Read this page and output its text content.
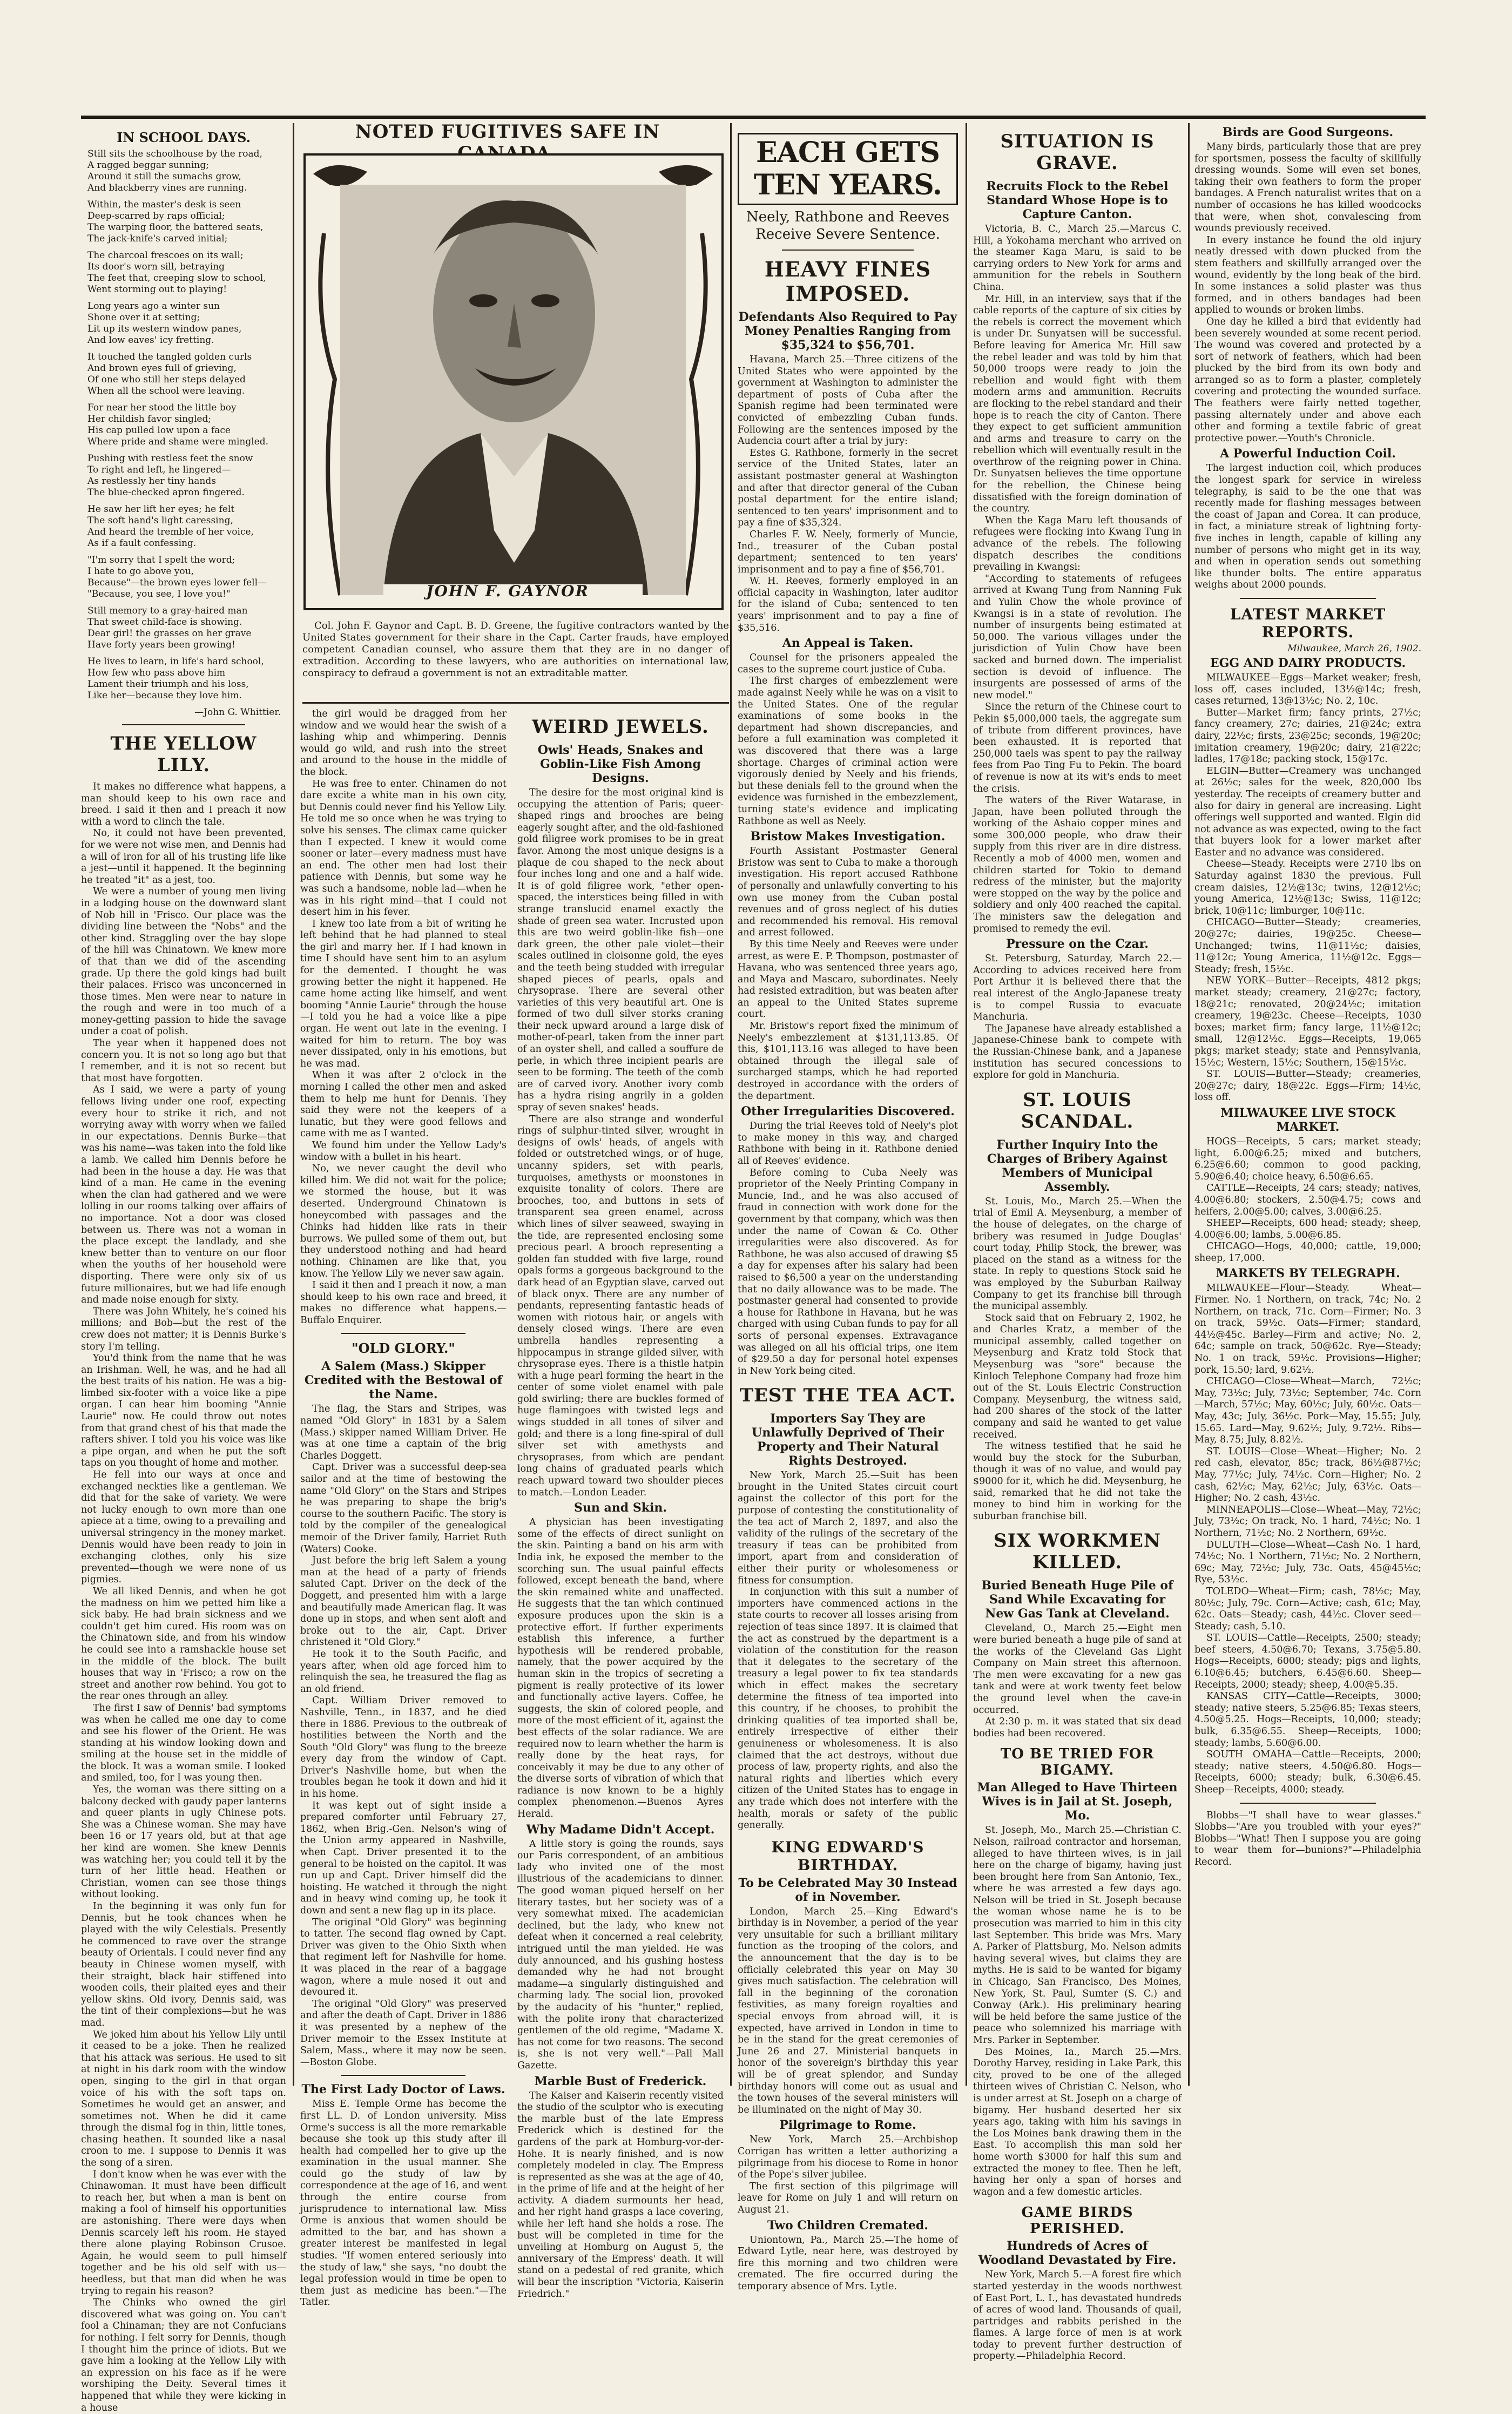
IN SCHOOL DAYS.
Still sits the schoolhouse by the road,
A ragged beggar sunning;
Around it still the sumachs grow,
And blackberry vines are running.
Within, the master's desk is seen
Deep-scarred by raps official;
The warping floor, the battered seats,
The jack-knife's carved initial;
The charcoal frescoes on its wall;
Its door's worn sill, betraying
The feet that, creeping slow to school,
Went storming out to playing!
Long years ago a winter sun
Shone over it at setting;
Lit up its western window panes,
And low eaves' icy fretting.
It touched the tangled golden curls
And brown eyes full of grieving,
Of one who still her steps delayed
When all the school were leaving.
For near her stood the little boy
Her childish favor singled;
His cap pulled low upon a face
Where pride and shame were mingled.
Pushing with restless feet the snow
To right and left, he lingered—
As restlessly her tiny hands
The blue-checked apron fingered.
He saw her lift her eyes; he felt
The soft hand's light caressing,
And heard the tremble of her voice,
As if a fault confessing.
"I'm sorry that I spelt the word;
I hate to go above you,
Because"—the brown eyes lower fell—
"Because, you see, I love you!"
Still memory to a gray-haired man
That sweet child-face is showing.
Dear girl! the grasses on her grave
Have forty years been growing!
He lives to learn, in life's hard school,
How few who pass above him
Lament their triumph and his loss,
Like her—because they love him.
—John G. Whittier.
THE YELLOW LILY.

It makes no difference what happens, a man should keep to his own race and breed. I said it then and I preach it now with a word to clinch the tale.

No, it could not have been prevented, for we were not wise men, and Dennis had a will of iron for all of his trusting life like a jest—until it happened. It the beginning he treated "it" as a jest, too.

We were a number of young men living in a lodging house on the downward slant of Nob hill in 'Frisco. Our place was the dividing line between the "Nobs" and the other kind. Straggling over the bay slope of the hill was Chinatown. We knew more of that than we did of the ascending grade. Up there the gold kings had built their palaces. Frisco was unconcerned in those times. Men were near to nature in the rough and were in too much of a money-getting passion to hide the savage under a coat of polish.

The year when it happened does not concern you. It is not so long ago but that I remember, and it is not so recent but that most have forgotten.

As I said, we were a party of young fellows living under one roof, expecting every hour to strike it rich, and not worrying away with worry when we failed in our expectations. Dennis Burke—that was his name—was taken into the fold like a lamb. We called him Dennis before he had been in the house a day. He was that kind of a man. He came in the evening when the clan had gathered and we were lolling in our rooms talking over affairs of no importance. Not a door was closed between us. There was not a woman in the place except the landlady, and she knew better than to venture on our floor when the youths of her household were disporting. There were only six of us future millionaires, but we had life enough and made noise enough for sixty.

There was John Whitely, he's coined his millions; and Bob—but the rest of the crew does not matter; it is Dennis Burke's story I'm telling.

You'd think from the name that he was an Irishman. Well, he was, and he had all the best traits of his nation. He was a big-limbed six-footer with a voice like a pipe organ. I can hear him booming "Annie Laurie" now. He could throw out notes from that grand chest of his that made the rafters shiver. I told you his voice was like a pipe organ, and when he put the soft taps on you thought of home and mother.

He fell into our ways at once and exchanged neckties like a gentleman. We did that for the sake of variety. We were not lucky enough to own more than one apiece at a time, owing to a prevailing and universal stringency in the money market. Dennis would have been ready to join in exchanging clothes, only his size prevented—though we were none of us pigmies.

We all liked Dennis, and when he got the madness on him we petted him like a sick baby. He had brain sickness and we couldn't get him cured. His room was on the Chinatown side, and from his window he could see into a ramshackle house set in the middle of the block. The built houses that way in 'Frisco; a row on the street and another row behind. You got to the rear ones through an alley.

The first I saw of Dennis' bad symptoms was when he called me one day to come and see his flower of the Orient. He was standing at his window looking down and smiling at the house set in the middle of the block. It was a woman smile. I looked and smiled, too, for I was young then.

Yes, the woman was there sitting on a balcony decked with gaudy paper lanterns and queer plants in ugly Chinese pots. She was a Chinese woman. She may have been 16 or 17 years old, but at that age her kind are women. She knew Dennis was watching her; you could tell it by the turn of her little head. Heathen or Christian, women can see those things without looking.

In the beginning it was only fun for Dennis, but he took chances when he played with the wily Celestials. Presently he commenced to rave over the strange beauty of Orientals. I could never find any beauty in Chinese women myself, with their straight, black hair stiffened into wooden coils, their plaited eyes and their yellow skins. Old ivory, Dennis said, was the tint of their complexions—but he was mad.

We joked him about his Yellow Lily until it ceased to be a joke. Then he realized that his attack was serious. He used to sit at night in his dark room with the window open, singing to the girl in that organ voice of his with the soft taps on. Sometimes he would get an answer, and sometimes not. When he did it came through the dismal fog in thin, little tones, chasing heathen. It sounded like a nasal croon to me. I suppose to Dennis it was the song of a siren.

I don't know when he was ever with the Chinawoman. It must have been difficult to reach her, but when a man is bent on making a fool of himself his opportunities are astonishing. There were days when Dennis scarcely left his room. He stayed there alone playing Robinson Crusoe. Again, he would seem to pull himself together and be his old self with us—heedless, but that man did when he was trying to regain his reason?

The Chinks who owned the girl discovered what was going on. You can't fool a Chinaman; they are not Confucians for nothing. I felt sorry for Dennis, though I thought him the prince of idiots. But we gave him a looking at the Yellow Lily with an expression on his face as if he were worshiping the Deity. Several times it happened that while they were kicking in a house

NOTED FUGITIVES SAFE IN
JOHN F. GAYNOR
Col. John F. Gaynor and Capt. B. D. Greene, the fugitive contractors wanted by the United States government for their share in the Capt. Carter frauds, have employed competent Canadian counsel, who assure them that they are in no danger of extradition. According to these lawyers, who are authorities on international law, conspiracy to defraud a government is not an extraditable matter.

the girl would be dragged from her window and we would hear the swish of a lashing whip and whimpering. Dennis would go wild, and rush into the street and around to the house in the middle of the block.

He was free to enter. Chinamen do not dare excite a white man in his own city, but Dennis could never find his Yellow Lily. He told me so once when he was trying to solve his senses. The climax came quicker than I expected. I knew it would come sooner or later—every madness must have an end. The other men had lost their patience with Dennis, but some way he was such a handsome, noble lad—when he was in his right mind—that I could not desert him in his fever.

I knew too late from a bit of writing he left behind that he had planned to steal the girl and marry her. If I had known in time I should have sent him to an asylum for the demented. I thought he was growing better the night it happened. He came home acting like himself, and went booming "Annie Laurie" through the house—I told you he had a voice like a pipe organ. He went out late in the evening. I waited for him to return. The boy was never dissipated, only in his emotions, but he was mad.

When it was after 2 o'clock in the morning I called the other men and asked them to help me hunt for Dennis. They said they were not the keepers of a lunatic, but they were good fellows and came with me as I wanted.

We found him under the Yellow Lady's window with a bullet in his heart.

No, we never caught the devil who killed him. We did not wait for the police; we stormed the house, but it was deserted. Underground Chinatown is honeycombed with passages and the Chinks had hidden like rats in their burrows. We pulled some of them out, but they understood nothing and had heard nothing. Chinamen are like that, you know. The Yellow Lily we never saw again.

I said it then and I preach it now, a man should keep to his own race and breed, it makes no difference what happens.—Buffalo Enquirer.

"OLD GLORY."
A Salem (Mass.) Skipper Credited with the Bestowal of the Name.

The flag, the Stars and Stripes, was named "Old Glory" in 1831 by a Salem (Mass.) skipper named William Driver. He was at one time a captain of the brig Charles Doggett.

Capt. Driver was a successful deep-sea sailor and at the time of bestowing the name "Old Glory" on the Stars and Stripes he was preparing to shape the brig's course to the southern Pacific. The story is told by the compiler of the genealogical memoir of the Driver family, Harriet Ruth (Waters) Cooke.

Just before the brig left Salem a young man at the head of a party of friends saluted Capt. Driver on the deck of the Doggett, and presented him with a large and beautifully made American flag. It was done up in stops, and when sent aloft and broke out to the air, Capt. Driver christened it "Old Glory."

He took it to the South Pacific, and years after, when old age forced him to relinquish the sea, he treasured the flag as an old friend.

Capt. William Driver removed to Nashville, Tenn., in 1837, and he died there in 1886. Previous to the outbreak of hostilities between the North and the South "Old Glory" was flung to the breeze every day from the window of Capt. Driver's Nashville home, but when the troubles began he took it down and hid it in his home.

It was kept out of sight inside a prepared comforter until February 27, 1862, when Brig.-Gen. Nelson's wing of the Union army appeared in Nashville, when Capt. Driver presented it to the general to be hoisted on the capitol. It was run up and Capt. Driver himself did the hoisting. He watched it through the night and in heavy wind coming up, he took it down and sent a new flag up in its place.

The original "Old Glory" was beginning to tatter. The second flag owned by Capt. Driver was given to the Ohio Sixth when that regiment left for Nashville for home. It was placed in the rear of a baggage wagon, where a mule nosed it out and devoured it.

The original "Old Glory" was preserved and after the death of Capt. Driver in 1886 it was presented by a nephew of the Driver memoir to the Essex Institute at Salem, Mass., where it may now be seen.—Boston Globe.

The First Lady Doctor of Laws.

Miss E. Temple Orme has become the first LL. D. of London university. Miss Orme's success is all the more remarkable because she took up this study after ill health had compelled her to give up the examination in the usual manner. She could go the study of law by correspondence at the age of 16, and went through the entire course from jurisprudence to international law. Miss Orme is anxious that women should be admitted to the bar, and has shown a greater interest be manifested in legal studies. "If women entered seriously into the study of law," she says, "no doubt the legal profession would in time be open to them just as medicine has been."—The Tatler.

WEIRD JEWELS.
Owls' Heads, Snakes and Goblin-Like Fish Among Designs.

The desire for the most original kind is occupying the attention of Paris; queer-shaped rings and brooches are being eagerly sought after, and the old-fashioned gold filigree work promises to be in great favor. Among the most unique designs is a plaque de cou shaped to the neck about four inches long and one and a half wide. It is of gold filigree work, "ether open-spaced, the interstices being filled in with strange translucid enamel exactly the shade of green sea water. Incrusted upon this are two weird goblin-like fish—one dark green, the other pale violet—their scales outlined in cloisonne gold, the eyes and the teeth being studded with irregular shaped pieces of pearls, opals and chrysoprase. There are several other varieties of this very beautiful art. One is formed of two dull silver storks craning their neck upward around a large disk of mother-of-pearl, taken from the inner part of an oyster shell, and called a souffure de perle, in which three incipient pearls are seen to be forming. The teeth of the comb are of carved ivory. Another ivory comb has a hydra rising angrily in a golden spray of seven snakes' heads.

There are also strange and wonderful rings of sulphur-tinted silver, wrought in designs of owls' heads, of angels with folded or outstretched wings, or of huge, uncanny spiders, set with pearls, turquoises, amethysts or moonstones in exquisite tonality of colors. There are brooches, too, and buttons in sets of transparent sea green enamel, across which lines of silver seaweed, swaying in the tide, are represented enclosing some precious pearl. A brooch representing a golden fan studded with five large, round opals forms a gorgeous background to the dark head of an Egyptian slave, carved out of black onyx. There are any number of pendants, representing fantastic heads of women with riotous hair, or angels with densely closed wings. There are even umbrella handles representing a hippocampus in strange gilded silver, with chrysoprase eyes. There is a thistle hatpin with a huge pearl forming the heart in the center of some violet enamel with pale gold swirling; there are buckles formed of huge flamingoes with twisted legs and wings studded in all tones of silver and gold; and there is a long fine-spiral of dull silver set with amethysts and chrysoprases, from which are pendant long chains of graduated pearls which reach upward toward two shoulder pieces to match.—London Leader.

Sun and Skin.

A physician has been investigating some of the effects of direct sunlight on the skin. Painting a band on his arm with India ink, he exposed the member to the scorching sun. The usual painful effects followed, except beneath the band, where the skin remained white and unaffected. He suggests that the tan which continued exposure produces upon the skin is a protective effort. If further experiments establish this inference, a further hypothesis will be rendered probable, namely, that the power acquired by the human skin in the tropics of secreting a pigment is really protective of its lower and functionally active layers. Coffee, he suggests, the skin of colored people, and more of the most efficient of it, against the best effects of the solar radiance. We are required now to learn whether the harm is really done by the heat rays, for conceivably it may be due to any other of the diverse sorts of vibration of which that radiance is now known to be a highly complex phenomenon.—Buenos Ayres Herald.

Why Madame Didn't Accept.

A little story is going the rounds, says our Paris correspondent, of an ambitious lady who invited one of the most illustrious of the academicians to dinner. The good woman piqued herself on her literary tastes, but her society was of a very somewhat mixed. The academician declined, but the lady, who knew not defeat when it concerned a real celebrity, intrigued until the man yielded. He was duly announced, and his gushing hostess demanded why he had not brought madame—a singularly distinguished and charming lady. The social lion, provoked by the audacity of his "hunter," replied, with the polite irony that characterized gentlemen of the old regime, "Madame X. has not come for two reasons. The second is, she is not very well."—Pall Mall Gazette.

Marble Bust of Frederick.

The Kaiser and Kaiserin recently visited the studio of the sculptor who is executing the marble bust of the late Empress Frederick which is destined for the gardens of the park at Homburg-vor-der-Hohe. It is nearly finished, and is now completely modeled in clay. The Empress is represented as she was at the age of 40, in the prime of life and at the height of her activity. A diadem surmounts her head, and her right hand grasps a lace covering, while her left hand she holds a rose. The bust will be completed in time for the unveiling at Homburg on August 5, the anniversary of the Empress' death. It will stand on a pedestal of red granite, which will bear the inscription "Victoria, Kaiserin Friedrich."

EACH GETS TEN YEARS.
Neely, Rathbone and Reeves Receive Severe Sentence.
HEAVY FINES IMPOSED.
Defendants Also Required to Pay Money Penalties Ranging from $35,324 to $56,701.

Havana, March 25.—Three citizens of the United States who were appointed by the government at Washington to administer the department of posts of Cuba after the Spanish regime had been terminated were convicted of embezzling Cuban funds. Following are the sentences imposed by the Audencia court after a trial by jury:

Estes G. Rathbone, formerly in the secret service of the United States, later an assistant postmaster general at Washington and after that director general of the Cuban postal department for the entire island; sentenced to ten years' imprisonment and to pay a fine of $35,324.

Charles F. W. Neely, formerly of Muncie, Ind., treasurer of the Cuban postal department; sentenced to ten years' imprisonment and to pay a fine of $56,701.

W. H. Reeves, formerly employed in an official capacity in Washington, later auditor for the island of Cuba; sentenced to ten years' imprisonment and to pay a fine of $35,516.

An Appeal is Taken.

Counsel for the prisoners appealed the cases to the supreme court justice of Cuba.

The first charges of embezzlement were made against Neely while he was on a visit to the United States. One of the regular examinations of some books in the department had shown discrepancies, and before a full examination was completed it was discovered that there was a large shortage. Charges of criminal action were vigorously denied by Neely and his friends, but these denials fell to the ground when the evidence was furnished in the embezzlement, turning state's evidence and implicating Rathbone as well as Neely.

Bristow Makes Investigation.

Fourth Assistant Postmaster General Bristow was sent to Cuba to make a thorough investigation. His report accused Rathbone of personally and unlawfully converting to his own use money from the Cuban postal revenues and of gross neglect of his duties and recommended his removal. His removal and arrest followed.

By this time Neely and Reeves were under arrest, as were E. P. Thompson, postmaster of Havana, who was sentenced three years ago, and Maya and Mascaro, subordinates. Neely had resisted extradition, but was beaten after an appeal to the United States supreme court.

Mr. Bristow's report fixed the minimum of Neely's embezzlement at $131,113.85. Of this, $101,113.16 was alleged to have been obtained through the illegal sale of surcharged stamps, which he had reported destroyed in accordance with the orders of the department.

Other Irregularities Discovered.

During the trial Reeves told of Neely's plot to make money in this way, and charged Rathbone with being in it. Rathbone denied all of Reeves' evidence.

Before coming to Cuba Neely was proprietor of the Neely Printing Company in Muncie, Ind., and he was also accused of fraud in connection with work done for the government by that company, which was then under the name of Cowan & Co. Other irregularities were also discovered. As for Rathbone, he was also accused of drawing $5 a day for expenses after his salary had been raised to $6,500 a year on the understanding that no daily allowance was to be made. The postmaster general had consented to provide a house for Rathbone in Havana, but he was charged with using Cuban funds to pay for all sorts of personal expenses. Extravagance was alleged on all his official trips, one item of $29.50 a day for personal hotel expenses in New York being cited.

TEST THE TEA ACT.
Importers Say They are Unlawfully Deprived of Their Property and Their Natural Rights Destroyed.

New York, March 25.—Suit has been brought in the United States circuit court against the collector of this port for the purpose of contesting the constitutionality of the tea act of March 2, 1897, and also the validity of the rulings of the secretary of the treasury if teas can be prohibited from import, apart from and consideration of either their purity or wholesomeness or fitness for consumption.

In conjunction with this suit a number of importers have commenced actions in the state courts to recover all losses arising from rejection of teas since 1897. It is claimed that the act as construed by the department is a violation of the constitution for the reason that it delegates to the secretary of the treasury a legal power to fix tea standards which in effect makes the secretary determine the fitness of tea imported into this country, if he chooses, to prohibit the drinking qualities of tea imported shall be, entirely irrespective of either their genuineness or wholesomeness. It is also claimed that the act destroys, without due process of law, property rights, and also the natural rights and liberties which every citizen of the United States has to engage in any trade which does not interfere with the health, morals or safety of the public generally.

KING EDWARD'S BIRTHDAY.
To be Celebrated May 30 Instead of in November.

London, March 25.—King Edward's birthday is in November, a period of the year very unsuitable for such a brilliant military function as the trooping of the colors, and the announcement that the day is to be officially celebrated this year on May 30 gives much satisfaction. The celebration will fall in the beginning of the coronation festivities, as many foreign royalties and special envoys from abroad will, it is expected, have arrived in London in time to be in the stand for the great ceremonies of June 26 and 27. Ministerial banquets in honor of the sovereign's birthday this year will be of great splendor, and Sunday birthday honors will come out as usual and the town houses of the several ministers will be illuminated on the night of May 30.

Pilgrimage to Rome.

New York, March 25.—Archbishop Corrigan has written a letter authorizing a pilgrimage from his diocese to Rome in honor of the Pope's silver jubilee.

The first section of this pilgrimage will leave for Rome on July 1 and will return on August 21.

Two Children Cremated.

Uniontown, Pa., March 25.—The home of Edward Lytle, near here, was destroyed by fire this morning and two children were cremated. The fire occurred during the temporary absence of Mrs. Lytle.

SITUATION IS GRAVE.
Recruits Flock to the Rebel Standard Whose Hope is to Capture Canton.

Victoria, B. C., March 25.—Marcus C. Hill, a Yokohama merchant who arrived on the steamer Kaga Maru, is said to be carrying orders to New York for arms and ammunition for the rebels in Southern China.

Mr. Hill, in an interview, says that if the cable reports of the capture of six cities by the rebels is correct the movement which is under Dr. Sunyatsen will be successful. Before leaving for America Mr. Hill saw the rebel leader and was told by him that 50,000 troops were ready to join the rebellion and would fight with them modern arms and ammunition. Recruits are flocking to the rebel standard and their hope is to reach the city of Canton. There they expect to get sufficient ammunition and arms and treasure to carry on the rebellion which will eventually result in the overthrow of the reigning power in China. Dr. Sunyatsen believes the time opportune for the rebellion, the Chinese being dissatisfied with the foreign domination of the country.

When the Kaga Maru left thousands of refugees were flocking into Kwang Tung in advance of the rebels. The following dispatch describes the conditions prevailing in Kwangsi:

"According to statements of refugees arrived at Kwang Tung from Nanning Fuk and Yulin Chow the whole province of Kwangsi is in a state of revolution. The number of insurgents being estimated at 50,000. The various villages under the jurisdiction of Yulin Chow have been sacked and burned down. The imperialist section is devoid of influence. The insurgents are possessed of arms of the new model."

Since the return of the Chinese court to Pekin $5,000,000 taels, the aggregate sum of tribute from different provinces, have been exhausted. It is reported that 250,000 taels was spent to pay the railway fees from Pao Ting Fu to Pekin. The board of revenue is now at its wit's ends to meet the crisis.

The waters of the River Watarase, in Japan, have been polluted through the working of the Ashaio copper mines and some 300,000 people, who draw their supply from this river are in dire distress. Recently a mob of 4000 men, women and children started for Tokio to demand redress of the minister, but the majority were stopped on the way by the police and soldiery and only 400 reached the capital. The ministers saw the delegation and promised to remedy the evil.

Pressure on the Czar.

St. Petersburg, Saturday, March 22.—According to advices received here from Port Arthur it is believed there that the real interest of the Anglo-Japanese treaty is to compel Russia to evacuate Manchuria.

The Japanese have already established a Japanese-Chinese bank to compete with the Russian-Chinese bank, and a Japanese institution has secured concessions to explore for gold in Manchuria.

ST. LOUIS SCANDAL.
Further Inquiry Into the Charges of Bribery Against Members of Municipal Assembly.

St. Louis, Mo., March 25.—When the trial of Emil A. Meysenburg, a member of the house of delegates, on the charge of bribery was resumed in Judge Douglas' court today, Philip Stock, the brewer, was placed on the stand as a witness for the state. In reply to questions Stock said he was employed by the Suburban Railway Company to get its franchise bill through the municipal assembly.

Stock said that on February 2, 1902, he and Charles Kratz, a member of the municipal assembly, called together on Meysenburg and Kratz told Stock that Meysenburg was "sore" because the Kinloch Telephone Company had froze him out of the St. Louis Electric Construction Company. Meysenburg, the witness said, had 200 shares of the stock of the latter company and said he wanted to get value received.

The witness testified that he said he would buy the stock for the Suburban, though it was of no value, and would pay $9000 for it, which he did. Meysenburg, he said, remarked that he did not take the money to bind him in working for the suburban franchise bill.

SIX WORKMEN KILLED.
Buried Beneath Huge Pile of Sand While Excavating for New Gas Tank at Cleveland.

Cleveland, O., March 25.—Eight men were buried beneath a huge pile of sand at the works of the Cleveland Gas Light Company on Main street this afternoon. The men were excavating for a new gas tank and were at work twenty feet below the ground level when the cave-in occurred.

At 2:30 p. m. it was stated that six dead bodies had been recovered.

TO BE TRIED FOR BIGAMY.
Man Alleged to Have Thirteen Wives is in Jail at St. Joseph, Mo.

St. Joseph, Mo., March 25.—Christian C. Nelson, railroad contractor and horseman, alleged to have thirteen wives, is in jail here on the charge of bigamy, having just been brought here from San Antonio, Tex., where he was arrested a few days ago. Nelson will be tried in St. Joseph because the woman whose name he is to be prosecution was married to him in this city last September. This bride was Mrs. Mary A. Parker of Plattsburg, Mo. Nelson admits having several wives, but claims they are myths. He is said to be wanted for bigamy in Chicago, San Francisco, Des Moines, New York, St. Paul, Sumter (S. C.) and Conway (Ark.). His preliminary hearing will be held before the same justice of the peace who solemnized his marriage with Mrs. Parker in September.

Des Moines, Ia., March 25.—Mrs. Dorothy Harvey, residing in Lake Park, this city, proved to be one of the alleged thirteen wives of Christian C. Nelson, who is under arrest at St. Joseph on a charge of bigamy. Her husband deserted her six years ago, taking with him his savings in the Los Moines bank drawing them in the East. To accomplish this man sold her home worth $3000 for half this sum and extracted the money to flee. Then he left, having her only a span of horses and wagon and a few domestic articles.

GAME BIRDS PERISHED.
Hundreds of Acres of Woodland Devastated by Fire.

New York, March 5.—A forest fire which started yesterday in the woods northwest of East Port, L. I., has devastated hundreds of acres of wood land. Thousands of quail, partridges and rabbits perished in the flames. A large force of men is at work today to prevent further destruction of property.—Philadelphia Record.

Birds are Good Surgeons.

Many birds, particularly those that are prey for sportsmen, possess the faculty of skillfully dressing wounds. Some will even set bones, taking their own feathers to form the proper bandages. A French naturalist writes that on a number of occasions he has killed woodcocks that were, when shot, convalescing from wounds previously received.

In every instance he found the old injury neatly dressed with down plucked from the stem feathers and skillfully arranged over the wound, evidently by the long beak of the bird. In some instances a solid plaster was thus formed, and in others bandages had been applied to wounds or broken limbs.

One day he killed a bird that evidently had been severely wounded at some recent period. The wound was covered and protected by a sort of network of feathers, which had been plucked by the bird from its own body and arranged so as to form a plaster, completely covering and protecting the wounded surface. The feathers were fairly netted together, passing alternately under and above each other and forming a textile fabric of great protective power.—Youth's Chronicle.

A Powerful Induction Coil.

The largest induction coil, which produces the longest spark for service in wireless telegraphy, is said to be the one that was recently made for flashing messages between the coast of Japan and Corea. It can produce, in fact, a miniature streak of lightning forty-five inches in length, capable of killing any number of persons who might get in its way, and when in operation sends out something like thunder bolts. The entire apparatus weighs about 2000 pounds.

LATEST MARKET REPORTS.
Milwaukee, March 26, 1902.
EGG AND DAIRY PRODUCTS.

MILWAUKEE—Eggs—Market weaker; fresh, loss off, cases included, 13½@14c; fresh, cases returned, 13@13½c; No. 2, 10c.

Butter—Market firm; fancy prints, 27½c; fancy creamery, 27c; dairies, 21@24c; extra dairy, 22½c; firsts, 23@25c; seconds, 19@20c; imitation creamery, 19@20c; dairy, 21@22c; ladles, 17@18c; packing stock, 15@17c.

ELGIN—Butter—Creamery was unchanged at 26½c; sales for the week, 820,000 lbs yesterday. The receipts of creamery butter and also for dairy in general are increasing. Light offerings well supported and wanted. Elgin did not advance as was expected, owing to the fact that buyers look for a lower market after Easter and no advance was considered.

Cheese—Steady. Receipts were 2710 lbs on Saturday against 1830 the previous. Full cream daisies, 12½@13c; twins, 12@12½c; young America, 12½@13c; Swiss, 11@12c; brick, 10@11c; limburger, 10@11c.

CHICAGO—Butter—Steady; creameries, 20@27c; dairies, 19@25c. Cheese—Unchanged; twins, 11@11½c; daisies, 11@12c; Young America, 11½@12c. Eggs—Steady; fresh, 15½c.

NEW YORK—Butter—Receipts, 4812 pkgs; market steady; creamery, 21@27c; factory, 18@21c; renovated, 20@24½c; imitation creamery, 19@23c. Cheese—Receipts, 1030 boxes; market firm; fancy large, 11½@12c; small, 12@12½c. Eggs—Receipts, 19,065 pkgs; market steady; state and Pennsylvania, 15½c; Western, 15½c; Southern, 15@15½c.

ST. LOUIS—Butter—Steady; creameries, 20@27c; dairy, 18@22c. Eggs—Firm; 14½c, loss off.

MILWAUKEE LIVE STOCK MARKET.

HOGS—Receipts, 5 cars; market steady; light, 6.00@6.25; mixed and butchers, 6.25@6.60; common to good packing, 5.90@6.40; choice heavy, 6.50@6.65.

CATTLE—Receipts, 24 cars; steady; natives, 4.00@6.80; stockers, 2.50@4.75; cows and heifers, 2.00@5.00; calves, 3.00@6.25.

SHEEP—Receipts, 600 head; steady; sheep, 4.00@6.00; lambs, 5.00@6.85.

CHICAGO—Hogs, 40,000; cattle, 19,000; sheep, 17,000.

MARKETS BY TELEGRAPH.

MILWAUKEE—Flour—Steady. Wheat—Firmer. No. 1 Northern, on track, 74c; No. 2 Northern, on track, 71c. Corn—Firmer; No. 3 on track, 59½c. Oats—Firmer; standard, 44½@45c. Barley—Firm and active; No. 2, 64c; sample on track, 50@62c. Rye—Steady; No. 1 on track, 59½c. Provisions—Higher; pork, 15.50; lard, 9.62½.

CHICAGO—Close—Wheat—March, 72½c; May, 73½c; July, 73½c; September, 74c. Corn—March, 57½c; May, 60½c; July, 60½c. Oats—May, 43c; July, 36½c. Pork—May, 15.55; July, 15.65. Lard—May, 9.62½; July, 9.72½. Ribs—May, 8.75; July, 8.82½.

ST. LOUIS—Close—Wheat—Higher; No. 2 red cash, elevator, 85c; track, 86½@87½c; May, 77½c; July, 74½c. Corn—Higher; No. 2 cash, 62½c; May, 62½c; July, 63½c. Oats—Higher; No. 2 cash, 43½c.

MINNEAPOLIS—Close—Wheat—May, 72½c; July, 73½c; On track, No. 1 hard, 74½c; No. 1 Northern, 71½c; No. 2 Northern, 69½c.

DULUTH—Close—Wheat—Cash No. 1 hard, 74½c; No. 1 Northern, 71½c; No. 2 Northern, 69c; May, 72½c; July, 73c. Oats, 45@45½c; Rye, 53½c.

TOLEDO—Wheat—Firm; cash, 78½c; May, 80½c; July, 79c. Corn—Active; cash, 61c; May, 62c. Oats—Steady; cash, 44½c. Clover seed—Steady; cash, 5.10.

ST. LOUIS—Cattle—Receipts, 2500; steady; beef steers, 4.50@6.70; Texans, 3.75@5.80. Hogs—Receipts, 6000; steady; pigs and lights, 6.10@6.45; butchers, 6.45@6.60. Sheep—Receipts, 2000; steady; sheep, 4.00@5.35.

KANSAS CITY—Cattle—Receipts, 3000; steady; native steers, 5.25@6.85; Texas steers, 4.50@5.25. Hogs—Receipts, 10,000; steady; bulk, 6.35@6.55. Sheep—Receipts, 1000; steady; lambs, 5.60@6.00.

SOUTH OMAHA—Cattle—Receipts, 2000; steady; native steers, 4.50@6.80. Hogs—Receipts, 6000; steady; bulk, 6.30@6.45. Sheep—Receipts, 4000; steady.

Blobbs—"I shall have to wear glasses." Slobbs—"Are you troubled with your eyes?" Blobbs—"What! Then I suppose you are going to wear them for—bunions?"—Philadelphia Record.
